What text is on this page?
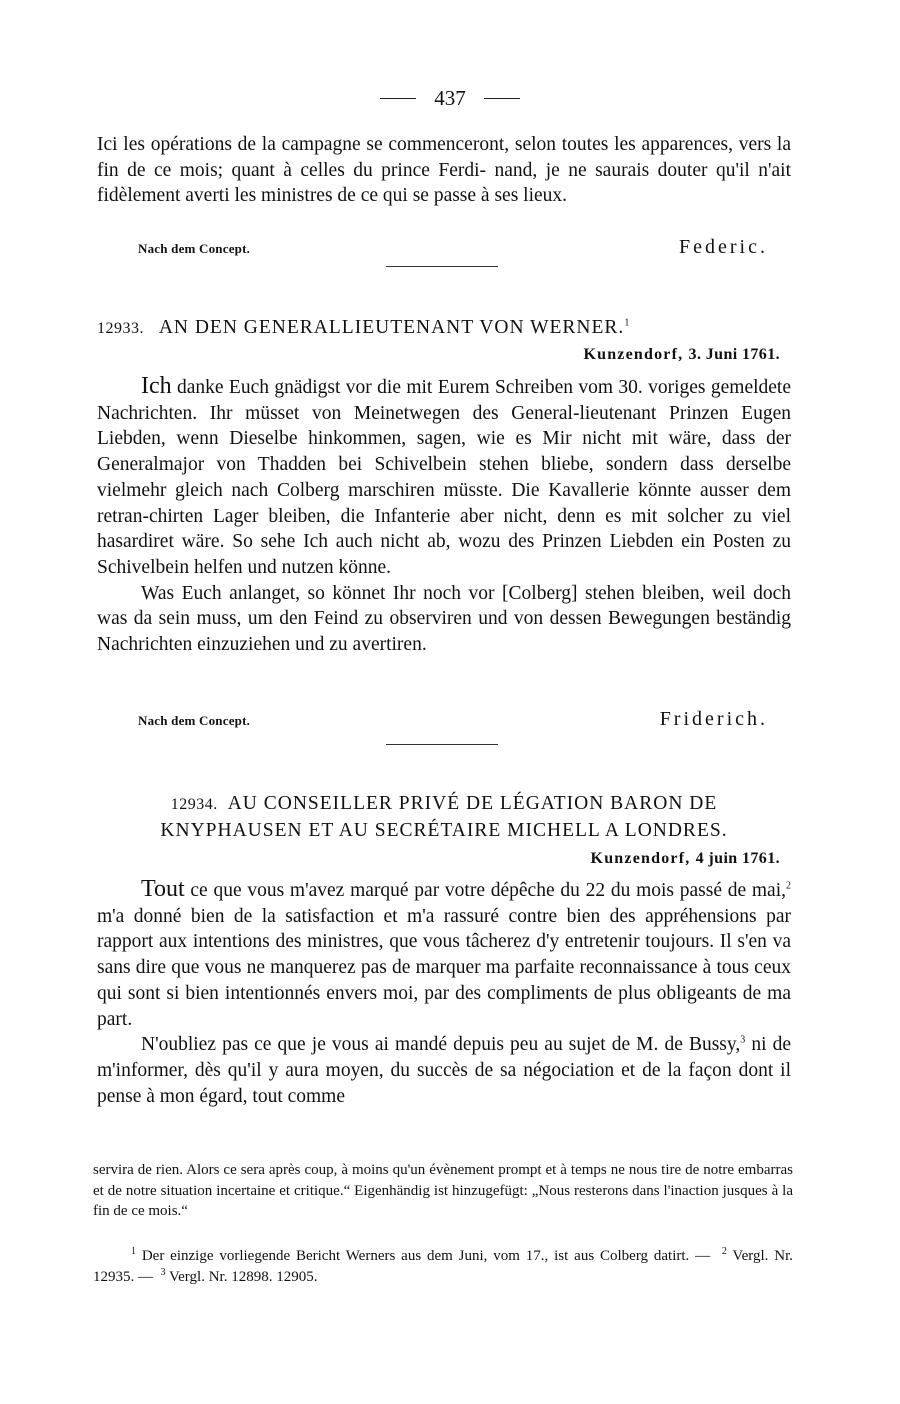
437

Ici les opérations de la campagne se commenceront, selon toutes les apparences, vers la fin de ce mois; quant à celles du prince Ferdi- nand, je ne saurais douter qu'il n'ait fidèlement averti les ministres de ce qui se passe à ses lieux.

Nach dem Concept.	Federic.
12933. AN DEN GENERALLIEUTENANT VON WERNER.$^1$
Kunzendorf, 3. Juni 1761.

Ich danke Euch gnädigst vor die mit Eurem Schreiben vom 30. voriges gemeldete Nachrichten. Ihr müsset von Meinetwegen des General-lieutenant Prinzen Eugen Liebden, wenn Dieselbe hinkommen, sagen, wie es Mir nicht mit wäre, dass der Generalmajor von Thadden bei Schivelbein stehen bliebe, sondern dass derselbe vielmehr gleich nach Colberg marschiren müsste. Die Kavallerie könnte ausser dem retran-chirten Lager bleiben, die Infanterie aber nicht, denn es mit solcher zu viel hasardiret wäre. So sehe Ich auch nicht ab, wozu des Prinzen Liebden ein Posten zu Schivelbein helfen und nutzen könne.

Was Euch anlanget, so könnet Ihr noch vor [Colberg] stehen bleiben, weil doch was da sein muss, um den Feind zu observiren und von dessen Bewegungen beständig Nachrichten einzuziehen und zu avertiren.

Nach dem Concept.	Friderich.
12934. AU CONSEILLER PRIVÉ DE LÉGATION BARON DE
KNYPHAUSEN ET AU SECRÉTAIRE MICHELL A LONDRES.
Kunzendorf, 4 juin 1761.

Tout ce que vous m'avez marqué par votre dépêche du 22 du mois passé de mai,$^2$ m'a donné bien de la satisfaction et m'a rassuré contre bien des appréhensions par rapport aux intentions des ministres, que vous tâcherez d'y entretenir toujours. Il s'en va sans dire que vous ne manquerez pas de marquer ma parfaite reconnaissance à tous ceux qui sont si bien intentionnés envers moi, par des compliments de plus obligeants de ma part.

N'oubliez pas ce que je vous ai mandé depuis peu au sujet de M. de Bussy,$^3$ ni de m'informer, dès qu'il y aura moyen, du succès de sa négociation et de la façon dont il pense à mon égard, tout comme

servira de rien. Alors ce sera après coup, à moins qu'un évènement prompt et à temps ne nous tire de notre embarras et de notre situation incertaine et critique.“ Eigenhändig ist hinzugefügt: „Nous resterons dans l'inaction jusques à la fin de ce mois.“

$^1$ Der einzige vorliegende Bericht Werners aus dem Juni, vom 17., ist aus Colberg datirt. — $^2$ Vergl. Nr. 12935. — $^3$ Vergl. Nr. 12898. 12905.
